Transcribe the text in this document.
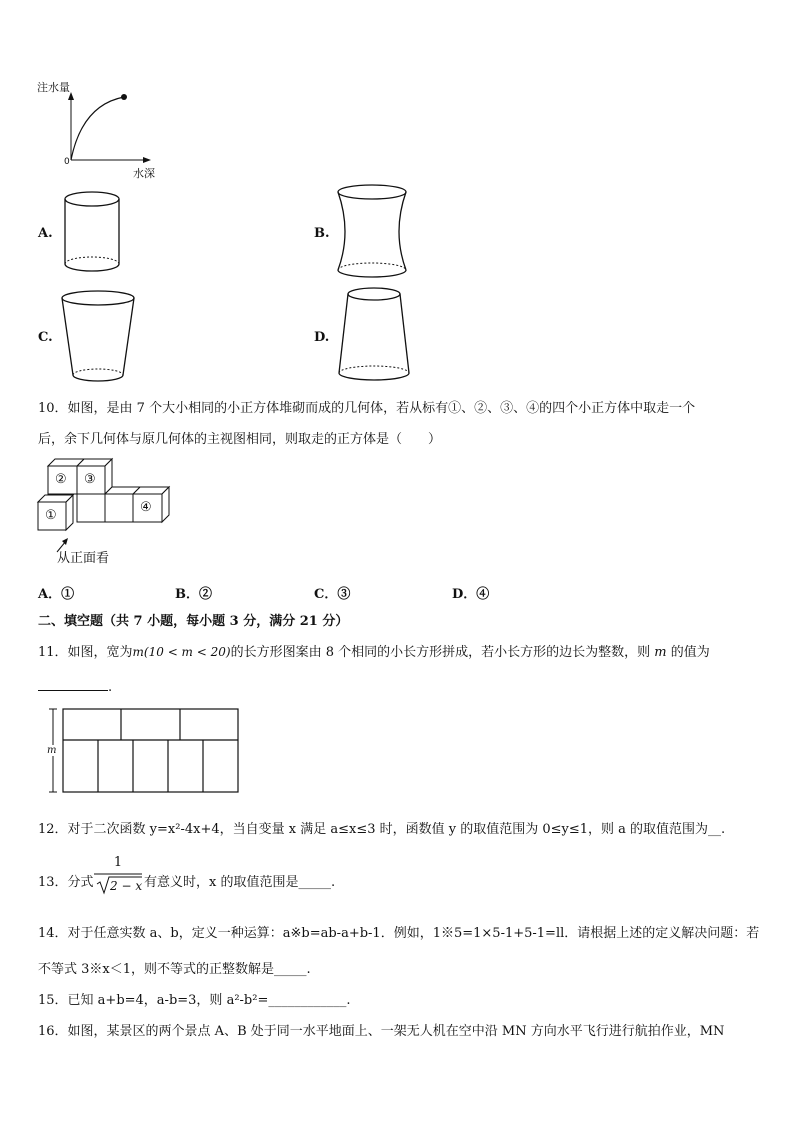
注水量
水深
0
A.	B.
C.	D.
10．如图，是由 7 个大小相同的小正方体堆砌而成的几何体，若从标有①、②、③、④的四个小正方体中取走一个
后，余下几何体与原几何体的主视图相同，则取走的正方体是（　　）
①
② ③
④
从正面看
A．①	B．②	C．③	D．④
二、填空题（共 7 小题，每小题 3 分，满分 21 分）
11．如图，宽为m(10 < m < 20)的长方形图案由 8 个相同的小长方形拼成，若小长方形的边长为整数，则 m 的值为
.
m
12．对于二次函数 y=x²-4x+4，当自变量 x 满足 a≤x≤3 时，函数值 y 的取值范围为 0≤y≤1，则 a 的取值范围为__.
13．分式
1
2 − x 有意义时，x 的取值范围是_____.
14．对于任意实数 a、b，定义一种运算：a※b=ab-a+b-1．例如，1※5=1×5-1+5-1=ll．请根据上述的定义解决问题：若
不等式 3※x＜1，则不等式的正整数解是_____.
15．已知 a+b=4，a-b=3，则 a²-b²=____________.
16．如图，某景区的两个景点 A、B 处于同一水平地面上、一架无人机在空中沿 MN 方向水平飞行进行航拍作业，MN
